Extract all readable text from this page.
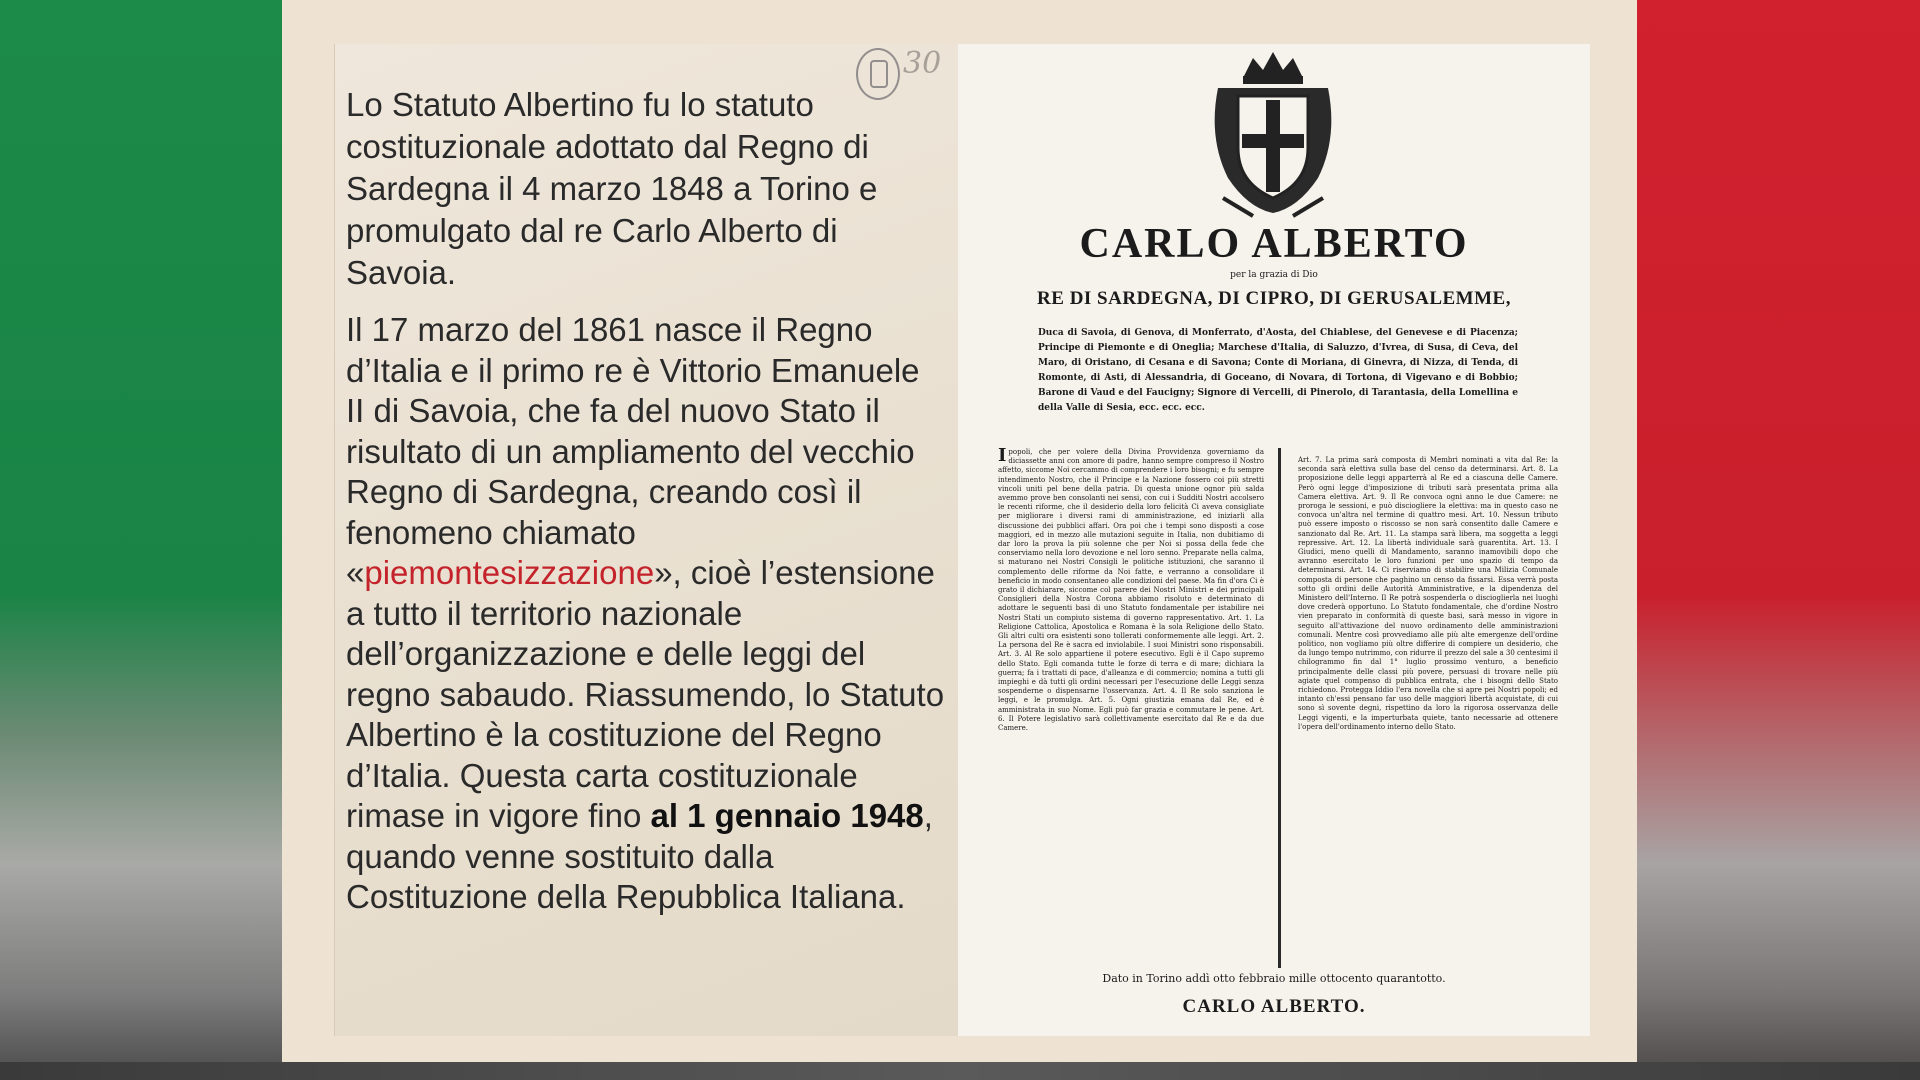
30

Lo Statuto Albertino fu lo statuto costituzionale adottato dal Regno di Sardegna il 4 marzo 1848 a Torino e promulgato dal re Carlo Alberto di Savoia.

Il 17 marzo del 1861 nasce il Regno d’Italia e il primo re è Vittorio Emanuele II di Savoia, che fa del nuovo Stato il risultato di un ampliamento del vecchio Regno di Sardegna, creando così il fenomeno chiamato «piemontesizzazione», cioè l’estensione a tutto il territorio nazionale dell’organizzazione e delle leggi del regno sabaudo. Riassumendo, lo Statuto Albertino è la costituzione del Regno d’Italia. Questa carta costituzionale rimase in vigore fino al 1 gennaio 1948, quando venne sostituito dalla Costituzione della Repubblica Italiana.

CARLO ALBERTO
per la grazia di Dio
RE DI SARDEGNA, DI CIPRO, DI GERUSALEMME,
Duca di Savoia, di Genova, di Monferrato, d'Aosta, del Chiablese, del Genevese e di Piacenza; Principe di Piemonte e di Oneglia; Marchese d'Italia, di Saluzzo, d'Ivrea, di Susa, di Ceva, del Maro, di Oristano, di Cesana e di Savona; Conte di Moriana, di Ginevra, di Nizza, di Tenda, di Romonte, di Asti, di Alessandria, di Goceano, di Novara, di Tortona, di Vigevano e di Bobbio; Barone di Vaud e del Faucigny; Signore di Vercelli, di Pinerolo, di Tarantasia, della Lomellina e della Valle di Sesia, ecc. ecc. ecc.
Ipopoli, che per volere della Divina Provvidenza governiamo da diciassette anni con amore di padre, hanno sempre compreso il Nostro affetto, siccome Noi cercammo di comprendere i loro bisogni; e fu sempre intendimento Nostro, che il Principe e la Nazione fossero coi più stretti vincoli uniti pel bene della patria. Di questa unione ognor più salda avemmo prove ben consolanti nei sensi, con cui i Sudditi Nostri accolsero le recenti riforme, che il desiderio della loro felicità Ci aveva consigliate per migliorare i diversi rami di amministrazione, ed iniziarli alla discussione dei pubblici affari. Ora poi che i tempi sono disposti a cose maggiori, ed in mezzo alle mutazioni seguite in Italia, non dubitiamo di dar loro la prova la più solenne che per Noi si possa della fede che conserviamo nella loro devozione e nel loro senno. Preparate nella calma, si maturano nei Nostri Consigli le politiche istituzioni, che saranno il complemento delle riforme da Noi fatte, e verranno a consolidare il beneficio in modo consentaneo alle condizioni del paese. Ma fin d'ora Ci è grato il dichiarare, siccome col parere dei Nostri Ministri e dei principali Consiglieri della Nostra Corona abbiamo risoluto e determinato di adottare le seguenti basi di uno Statuto fondamentale per istabilire nei Nostri Stati un compiuto sistema di governo rappresentativo. Art. 1. La Religione Cattolica, Apostolica e Romana è la sola Religione dello Stato. Gli altri culti ora esistenti sono tollerati conformemente alle leggi. Art. 2. La persona del Re è sacra ed inviolabile. I suoi Ministri sono risponsabili. Art. 3. Al Re solo appartiene il potere esecutivo. Egli è il Capo supremo dello Stato. Egli comanda tutte le forze di terra e di mare; dichiara la guerra; fa i trattati di pace, d'alleanza e di commercio; nomina a tutti gli impieghi e dà tutti gli ordini necessari per l'esecuzione delle Leggi senza sospenderne o dispensarne l'osservanza. Art. 4. Il Re solo sanziona le leggi, e le promulga. Art. 5. Ogni giustizia emana dal Re, ed è amministrata in suo Nome. Egli può far grazia e commutare le pene. Art. 6. Il Potere legislativo sarà collettivamente esercitato dal Re e da due Camere.
Art. 7. La prima sarà composta di Membri nominati a vita dal Re: la seconda sarà elettiva sulla base del censo da determinarsi. Art. 8. La proposizione delle leggi apparterrà al Re ed a ciascuna delle Camere. Però ogni legge d'imposizione di tributi sarà presentata prima alla Camera elettiva. Art. 9. Il Re convoca ogni anno le due Camere: ne proroga le sessioni, e può disciogliere la elettiva: ma in questo caso ne convoca un'altra nel termine di quattro mesi. Art. 10. Nessun tributo può essere imposto o riscosso se non sarà consentito dalle Camere e sanzionato dal Re. Art. 11. La stampa sarà libera, ma soggetta a leggi repressive. Art. 12. La libertà individuale sarà guarentita. Art. 13. I Giudici, meno quelli di Mandamento, saranno inamovibili dopo che avranno esercitato le loro funzioni per uno spazio di tempo da determinarsi. Art. 14. Ci riserviamo di stabilire una Milizia Comunale composta di persone che paghino un censo da fissarsi. Essa verrà posta sotto gli ordini delle Autorità Amministrative, e la dipendenza del Ministero dell'Interno. Il Re potrà sospenderla o discioglierla nei luoghi dove crederà opportuno. Lo Statuto fondamentale, che d'ordine Nostro vien preparato in conformità di queste basi, sarà messo in vigore in seguito all'attivazione del nuovo ordinamento delle amministrazioni comunali. Mentre così provvediamo alle più alte emergenze dell'ordine politico, non vogliamo più oltre differire di compiere un desiderio, che da lungo tempo nutrimmo, con ridurre il prezzo del sale a 30 centesimi il chilogrammo fin dal 1° luglio prossimo venturo, a beneficio principalmente delle classi più povere, persuasi di trovare nelle più agiate quel compenso di pubblica entrata, che i bisogni dello Stato richiedono. Protegga Iddio l'era novella che si apre pei Nostri popoli; ed intanto ch'essi pensano far uso delle maggiori libertà acquistate, di cui sono sì sovente degni, rispettino da loro la rigorosa osservanza delle Leggi vigenti, e la imperturbata quiete, tanto necessarie ad ottenere l'opera dell'ordinamento interno dello Stato.
Dato in Torino addì otto febbraio mille ottocento quarantotto.
CARLO ALBERTO.
